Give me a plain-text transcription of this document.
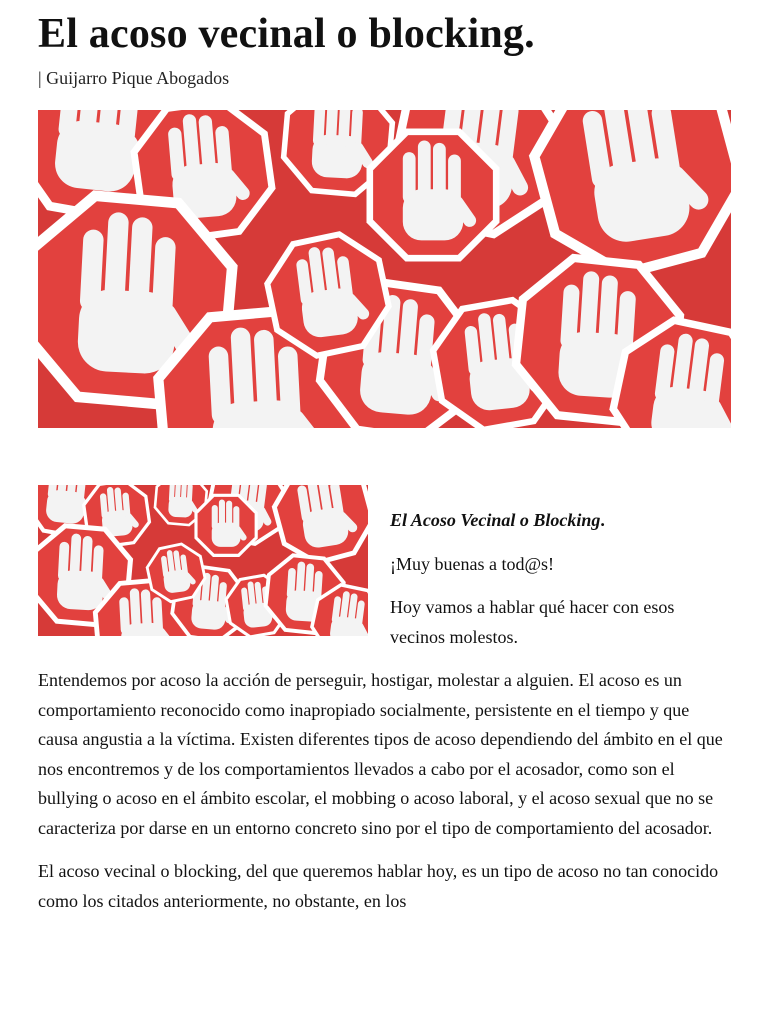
El acoso vecinal o blocking.
| Guijarro Pique Abogados

El Acoso Vecinal o Blocking.

¡Muy buenas a tod@s!

Hoy vamos a hablar qué hacer con esos vecinos molestos.

Entendemos por acoso la acción de perseguir, hostigar, molestar a alguien. El acoso es un comportamiento reconocido como inapropiado socialmente, persistente en el tiempo y que causa angustia a la víctima. Existen diferentes tipos de acoso dependiendo del ámbito en el que nos encontremos y de los comportamientos llevados a cabo por el acosador, como son el bullying o acoso en el ámbito escolar, el mobbing o acoso laboral, y el acoso sexual que no se caracteriza por darse en un entorno concreto sino por el tipo de comportamiento del acosador.

El acoso vecinal o blocking, del que queremos hablar hoy, es un tipo de acoso no tan conocido como los citados anteriormente, no obstante, en los
